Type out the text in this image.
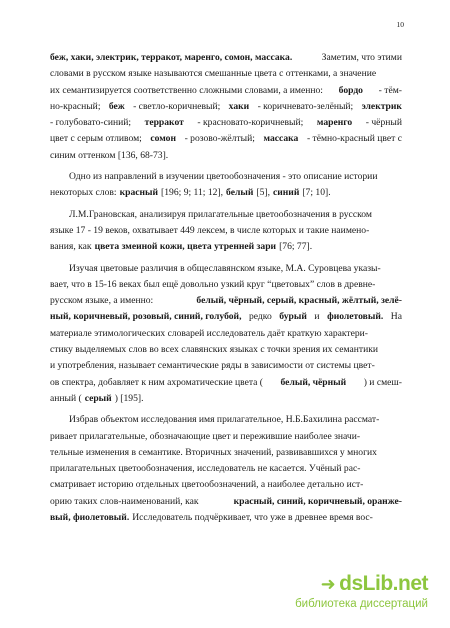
10
беж, хаки, электрик, терракот, маренго, сомон, массака.	Заметим, что этими
словами в русском языке называются смешанные цвета с оттенками, а значение
их семантизируется соответственно сложными словами, а именно: бордо - тём-
но-красный; беж - светло-коричневый; хаки - коричневато-зелёный; электрик
- голубовато-синий; терракот - красновато-коричневый; маренго - чёрный
цвет с серым отливом; сомон - розово-жёлтый; массака - тёмно-красный цвет с
синим оттенком [136, 68-73].
Одно из направлений в изучении цветообозначения - это описание истории
некоторых слов: красный [196; 9; 11; 12], белый [5], синий [7; 10].
Л.М.Грановская, анализируя прилагательные цветообозначения в русском
языке 17 - 19 веков, охватывает 449 лексем, в числе которых и такие наимено-
вания, как цвета змеиной кожи, цвета утренней зари [76; 77].
Изучая цветовые различия в общеславянском языке, М.А. Суровцева указы-
вает, что в 15-16 веках был ещё довольно узкий круг “цветовых” слов в древне-
русском языке, а именно:	белый, чёрный, серый, красный, жёлтый, зелё-
ный, коричневый, розовый, синий, голубой, редко бурый и фиолетовый. На
материале этимологических словарей исследователь даёт краткую характери-
стику выделяемых слов во всех славянских языках с точки зрения их семантики
и употребления, называет семантические ряды в зависимости от системы цвет-
ов спектра, добавляет к ним ахроматические цвета ( белый, чёрный ) и смеш-
анный ( серый ) [195].
Избрав объектом исследования имя прилагательное, Н.Б.Бахилина рассмат-
ривает прилагательные, обозначающие цвет и пережившие наиболее значи-
тельные изменения в семантике. Вторичных значений, развивавшихся у многих
прилагательных цветообозначения, исследователь не касается. Учёный рас-
сматривает историю отдельных цветообозначений, а наиболее детально ист-
орию таких слов-наименований, как	красный, синий, коричневый, оранже-
вый, фиолетовый. Исследователь подчёркивает, что уже в древнее время вос-
➜ dsLib.net
библиотека диссертаций
